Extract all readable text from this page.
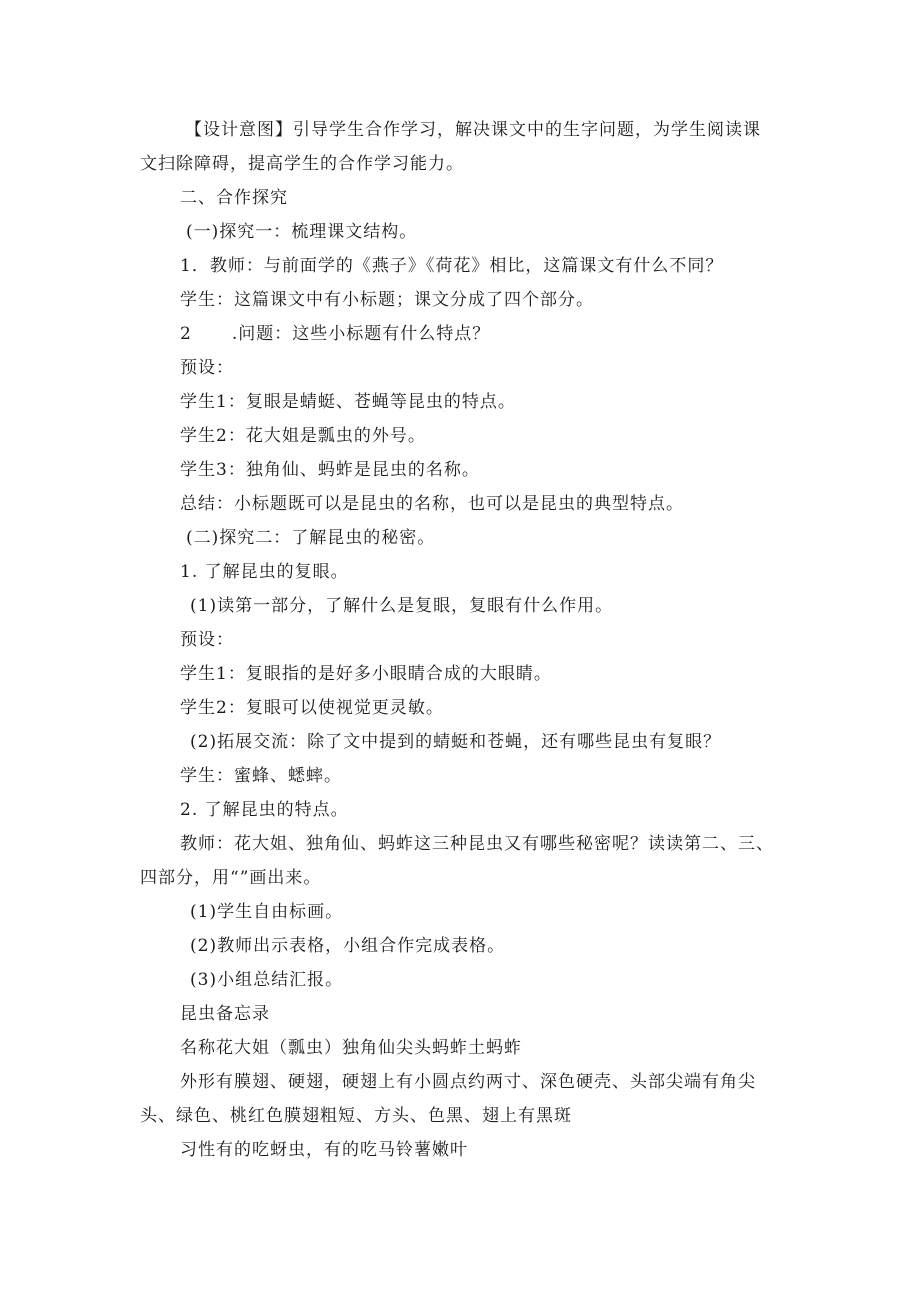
【设计意图】引导学生合作学习，解决课文中的生字问题，为学生阅读课
文扫除障碍，提高学生的合作学习能力。
二、合作探究
(一)探究一：梳理课文结构。
1．教师：与前面学的《燕子》《荷花》相比，这篇课文有什么不同？
学生：这篇课文中有小标题；课文分成了四个部分。
2 .问题：这些小标题有什么特点？
预设：
学生1：复眼是蜻蜓、苍蝇等昆虫的特点。
学生2：花大姐是瓢虫的外号。
学生3：独角仙、蚂蚱是昆虫的名称。
总结：小标题既可以是昆虫的名称，也可以是昆虫的典型特点。
(二)探究二：了解昆虫的秘密。
1. 了解昆虫的复眼。
(1)读第一部分，了解什么是复眼，复眼有什么作用。
预设：
学生1：复眼指的是好多小眼睛合成的大眼睛。
学生2：复眼可以使视觉更灵敏。
(2)拓展交流：除了文中提到的蜻蜓和苍蝇，还有哪些昆虫有复眼？
学生：蜜蜂、蟋蟀。
2. 了解昆虫的特点。
教师：花大姐、独角仙、蚂蚱这三种昆虫又有哪些秘密呢？读读第二、三、
四部分，用“”画出来。
(1)学生自由标画。
(2)教师出示表格，小组合作完成表格。
(3)小组总结汇报。
昆虫备忘录
名称花大姐（瓢虫）独角仙尖头蚂蚱土蚂蚱
外形有膜翅、硬翅，硬翅上有小圆点约两寸、深色硬壳、头部尖端有角尖
头、绿色、桃红色膜翅粗短、方头、色黑、翅上有黑斑
习性有的吃蚜虫，有的吃马铃薯嫩叶
